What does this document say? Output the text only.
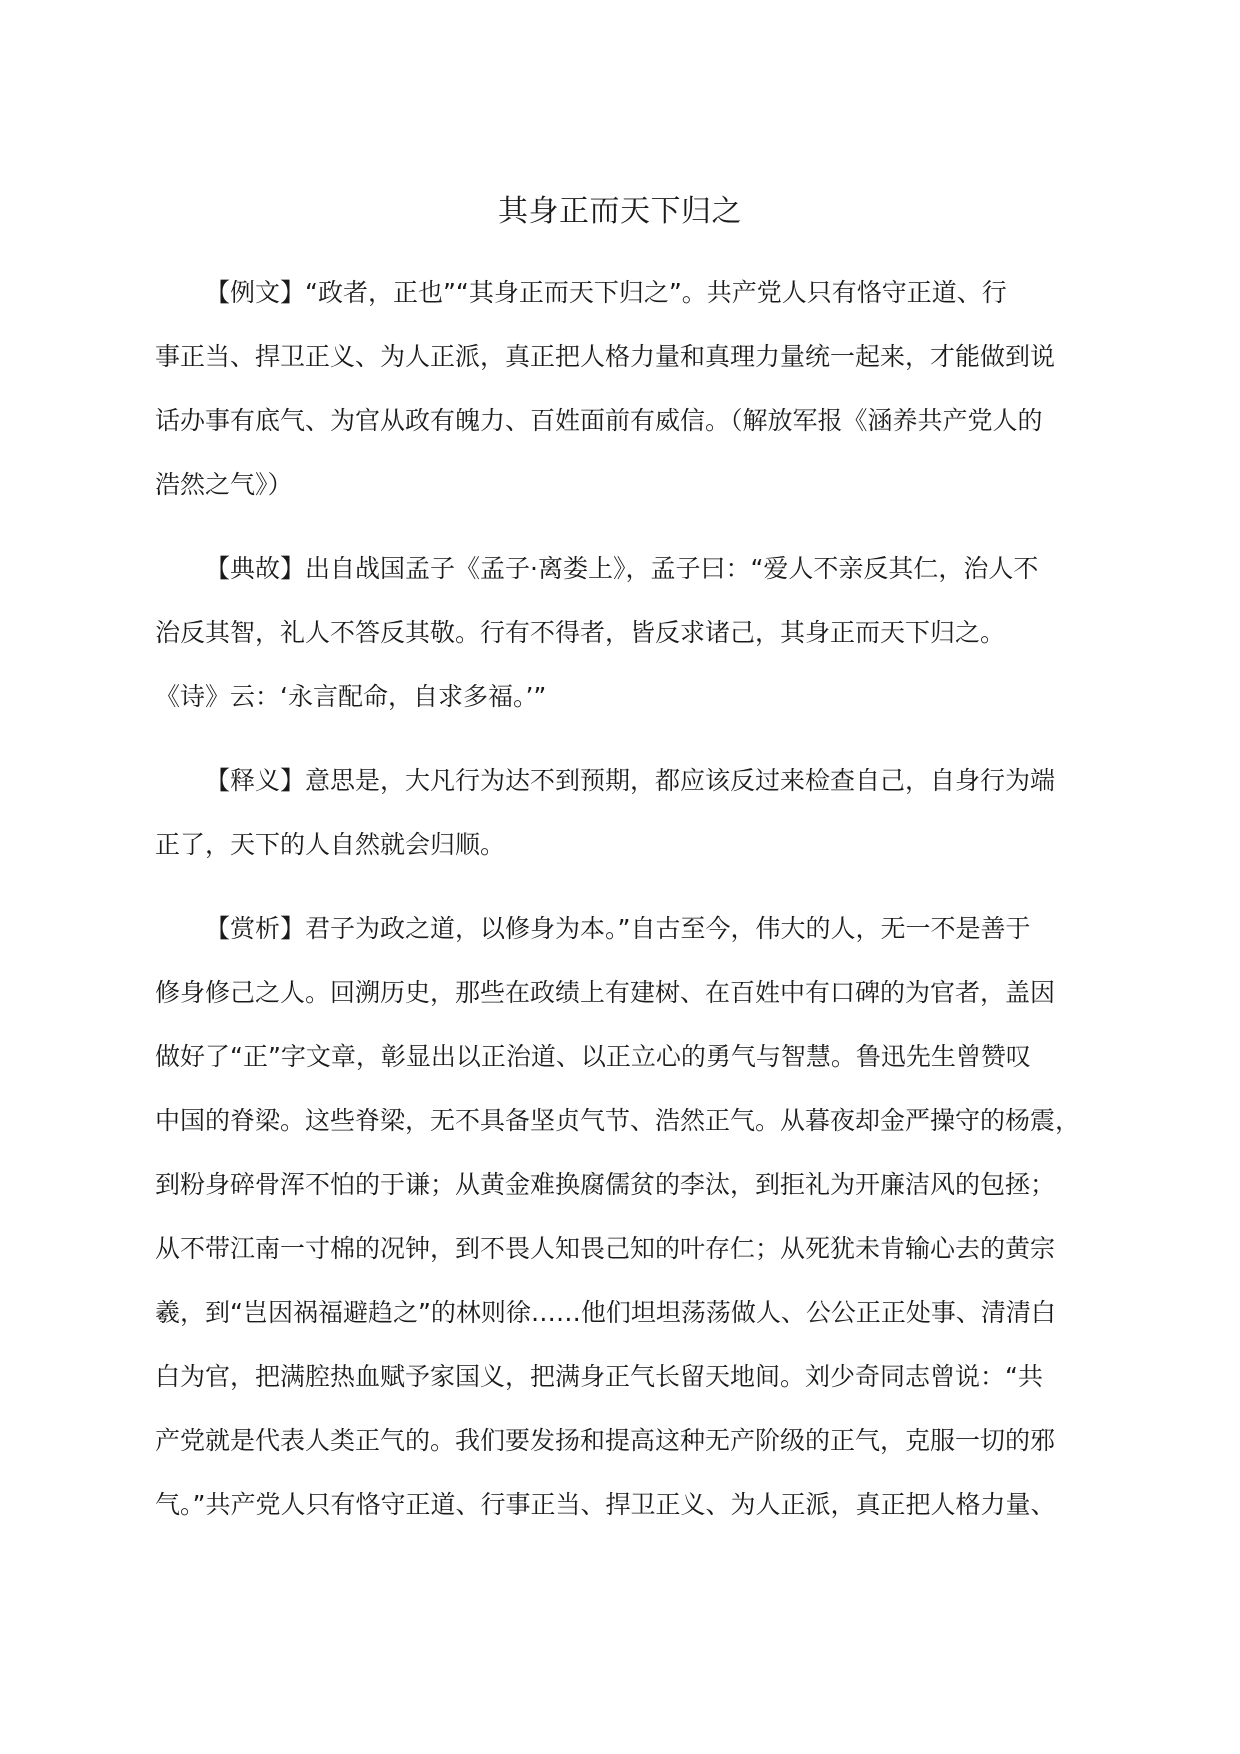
其身正而天下归之

【例文】“政者，正也”“其身正而天下归之”。共产党人只有恪守正道、行

事正当、捍卫正义、为人正派，真正把人格力量和真理力量统一起来，才能做到说

话办事有底气、为官从政有魄力、百姓面前有威信。（解放军报《涵养共产党人的

浩然之气》）

【典故】出自战国孟子《孟子·离娄上》，孟子曰：“爱人不亲反其仁，治人不

治反其智，礼人不答反其敬。行有不得者，皆反求诸己，其身正而天下归之。

《诗》云：‘永言配命，自求多福。’”

【释义】意思是，大凡行为达不到预期，都应该反过来检查自己，自身行为端

正了，天下的人自然就会归顺。

【赏析】君子为政之道，以修身为本。”自古至今，伟大的人，无一不是善于

修身修己之人。回溯历史，那些在政绩上有建树、在百姓中有口碑的为官者，盖因

做好了“正”字文章，彰显出以正治道、以正立心的勇气与智慧。鲁迅先生曾赞叹

中国的脊梁。这些脊梁，无不具备坚贞气节、浩然正气。从暮夜却金严操守的杨震，

到粉身碎骨浑不怕的于谦；从黄金难换腐儒贫的李汰，到拒礼为开廉洁风的包拯；

从不带江南一寸棉的况钟，到不畏人知畏己知的叶存仁；从死犹未肯输心去的黄宗

羲，到“岂因祸福避趋之”的林则徐……他们坦坦荡荡做人、公公正正处事、清清白

白为官，把满腔热血赋予家国义，把满身正气长留天地间。刘少奇同志曾说：“共

产党就是代表人类正气的。我们要发扬和提高这种无产阶级的正气，克服一切的邪

气。”共产党人只有恪守正道、行事正当、捍卫正义、为人正派，真正把人格力量、
